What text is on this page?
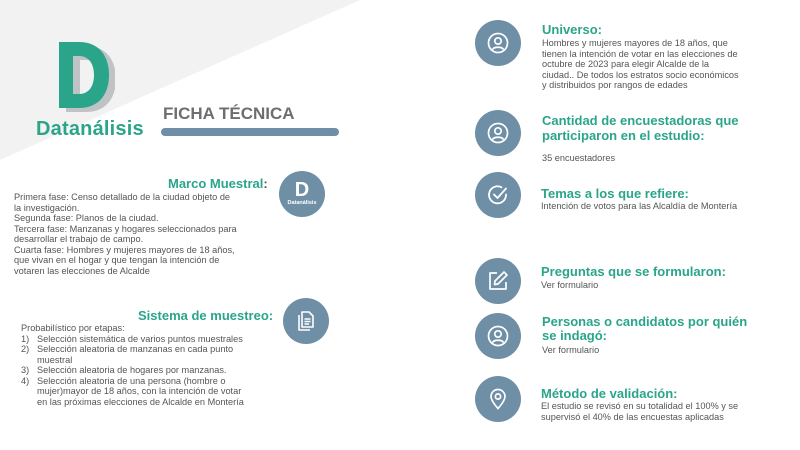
Datanálisis
FICHA TÉCNICA
Marco Muestral:

Primera fase: Censo detallado de la ciudad objeto de

la investigación.

Segunda fase: Planos de la ciudad.

Tercera fase: Manzanas y hogares seleccionados para

desarrollar el trabajo de campo.

Cuarta fase: Hombres y mujeres mayores de 18 años,

que vivan en el hogar y que tengan la intención de

votaren las elecciones de Alcalde

D
Datanálisis
Sistema de muestreo:

Probabilístico por etapas:

1) Selección sistemática de varios puntos muestrales
2) Selección aleatoria de manzanas en cada punto
muestral
3) Selección aleatoria de hogares por manzanas.
4) Selección aleatoria de una persona (hombre o
mujer)mayor de 18 años, con la intención de votar
en las próximas elecciones de Alcalde en Montería
Universo:

Hombres y mujeres mayores de 18 años, que

tienen la intención de votar en las elecciones de

octubre de 2023 para elegir Alcalde de la

ciudad.. De todos los estratos socio económicos

y distribuidos por rangos de edades

Cantidad de encuestadoras que
participaron en el estudio:
35 encuestadores
Temas a los que refiere:
Intención de votos para las Alcaldía de Montería
Preguntas que se formularon:
Ver formulario
Personas o candidatos por quién
se indagó:
Ver formulario
Método de validación:

El estudio se revisó en su totalidad el 100% y se

supervisó el 40% de las encuestas aplicadas
